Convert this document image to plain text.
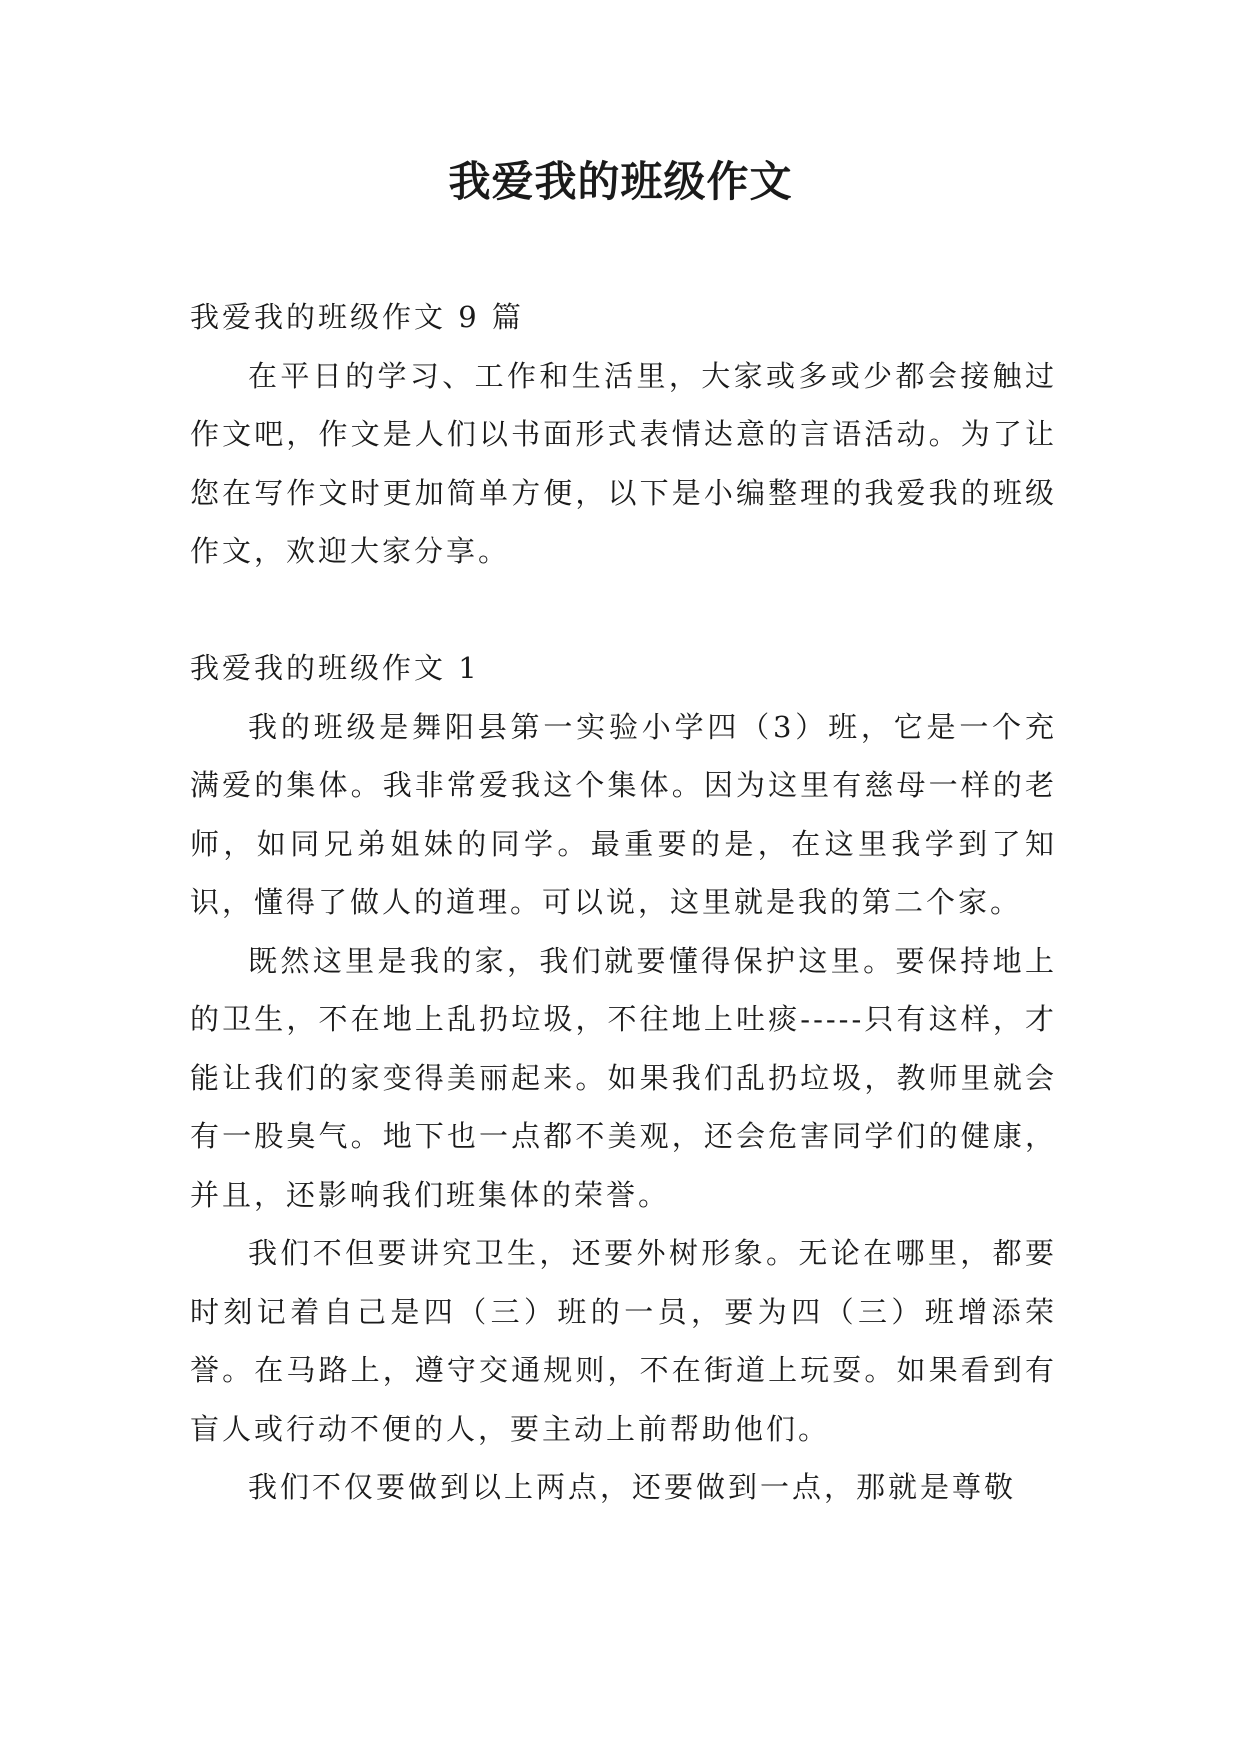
我爱我的班级作文

我爱我的班级作文 9 篇

在平日的学习、工作和生活里，大家或多或少都会接触过作文吧，作文是人们以书面形式表情达意的言语活动。为了让您在写作文时更加简单方便，以下是小编整理的我爱我的班级作文，欢迎大家分享。

我爱我的班级作文 1

我的班级是舞阳县第一实验小学四（3）班，它是一个充满爱的集体。我非常爱我这个集体。因为这里有慈母一样的老师，如同兄弟姐妹的同学。最重要的是，在这里我学到了知识，懂得了做人的道理。可以说，这里就是我的第二个家。

既然这里是我的家，我们就要懂得保护这里。要保持地上的卫生，不在地上乱扔垃圾，不往地上吐痰-----只有这样，才能让我们的家变得美丽起来。如果我们乱扔垃圾，教师里就会有一股臭气。地下也一点都不美观，还会危害同学们的健康，并且，还影响我们班集体的荣誉。

我们不但要讲究卫生，还要外树形象。无论在哪里，都要时刻记着自己是四（三）班的一员，要为四（三）班增添荣誉。在马路上，遵守交通规则，不在街道上玩耍。如果看到有盲人或行动不便的人，要主动上前帮助他们。

我们不仅要做到以上两点，还要做到一点，那就是尊敬
